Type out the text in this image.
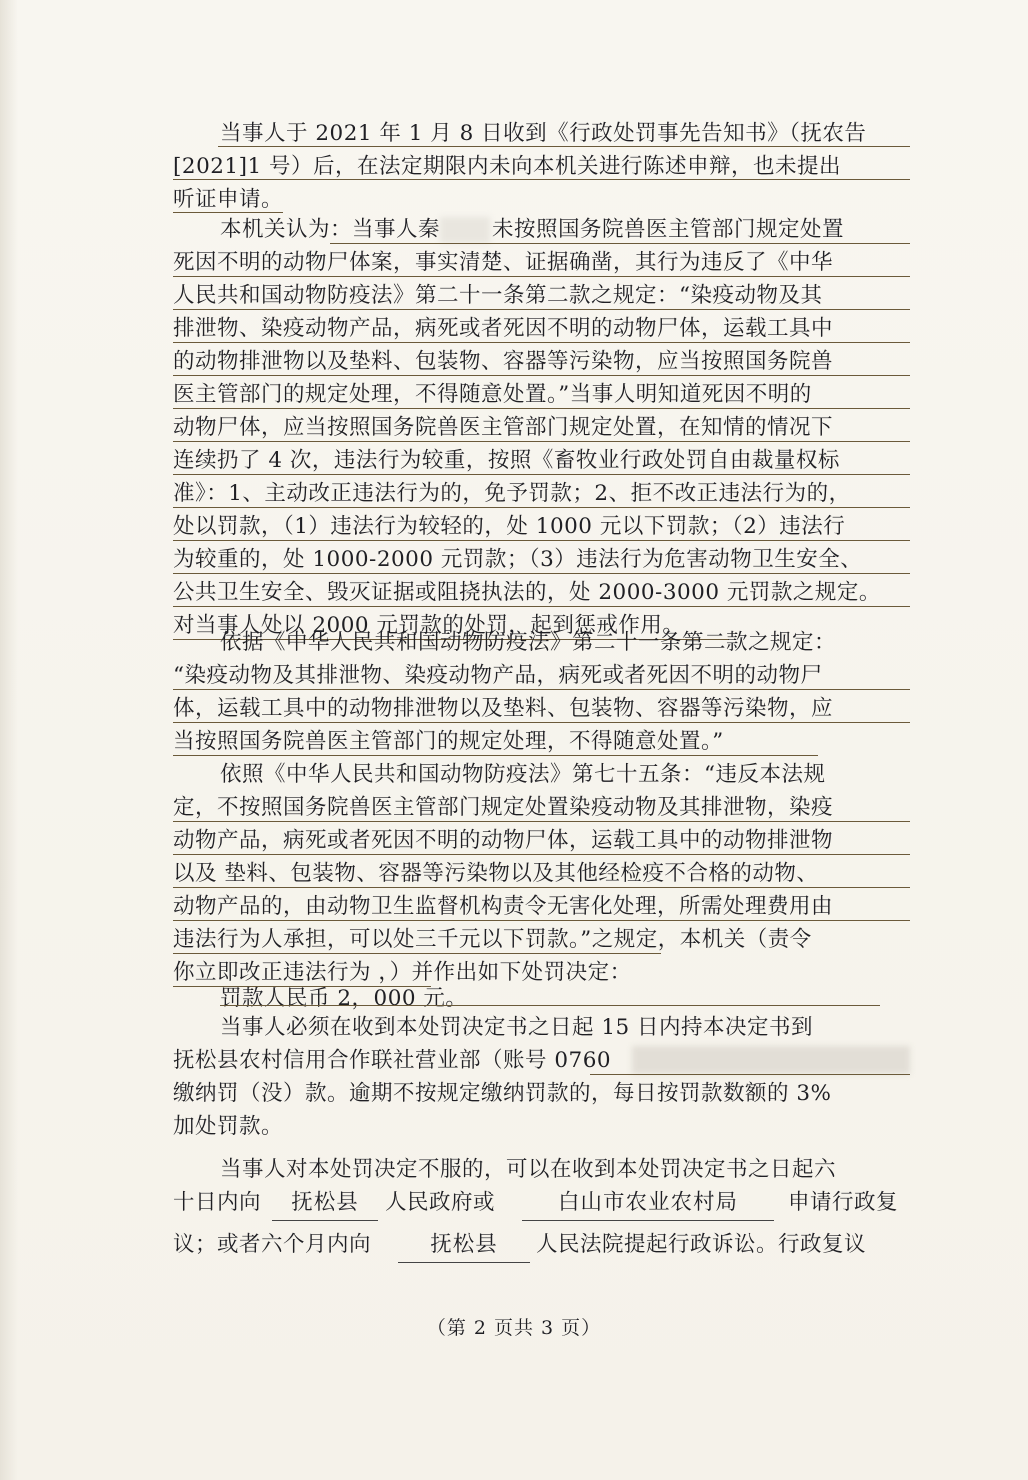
当事人于 2021 年 1 月 8 日收到《行政处罚事先告知书》（抚农告
[2021]1 号）后，在法定期限内未向本机关进行陈述申辩，也未提出
听证申请。
本机关认为：当事人秦 未按照国务院兽医主管部门规定处置
死因不明的动物尸体案，事实清楚、证据确凿，其行为违反了《中华
人民共和国动物防疫法》第二十一条第二款之规定：“染疫动物及其
排泄物、染疫动物产品，病死或者死因不明的动物尸体，运载工具中
的动物排泄物以及垫料、包装物、容器等污染物，应当按照国务院兽
医主管部门的规定处理，不得随意处置。”当事人明知道死因不明的
动物尸体，应当按照国务院兽医主管部门规定处置，在知情的情况下
连续扔了 4 次，违法行为较重，按照《畜牧业行政处罚自由裁量权标
准》：1、主动改正违法行为的，免予罚款；2、拒不改正违法行为的，
处以罚款，（1）违法行为较轻的，处 1000 元以下罚款；（2）违法行
为较重的，处 1000-2000 元罚款；（3）违法行为危害动物卫生安全、
公共卫生安全、毁灭证据或阻挠执法的，处 2000-3000 元罚款之规定。
对当事人处以 2000 元罚款的处罚，起到惩戒作用。
依据《中华人民共和国动物防疫法》第二十一条第二款之规定：
“染疫动物及其排泄物、染疫动物产品，病死或者死因不明的动物尸
体，运载工具中的动物排泄物以及垫料、包装物、容器等污染物，应
当按照国务院兽医主管部门的规定处理，不得随意处置。”
依照《中华人民共和国动物防疫法》第七十五条：“违反本法规
定，不按照国务院兽医主管部门规定处置染疫动物及其排泄物，染疫
动物产品，病死或者死因不明的动物尸体，运载工具中的动物排泄物
以及 垫料、包装物、容器等污染物以及其他经检疫不合格的动物、
动物产品的，由动物卫生监督机构责令无害化处理，所需处理费用由
违法行为人承担，可以处三千元以下罚款。”之规定，本机关（责令
你立即改正违法行为 ，）并作出如下处罚决定：
罚款人民币 2，000 元。
当事人必须在收到本处罚决定书之日起 15 日内持本决定书到
抚松县农村信用合作联社营业部（账号 0760
缴纳罚（没）款。逾期不按规定缴纳罚款的，每日按罚款数额的 3%
加处罚款。
当事人对本处罚决定不服的，可以在收到本处罚决定书之日起六
十日内向	抚松县	人民政府或	白山市农业农村局	申请行政复
议；或者六个月内向	抚松县	人民法院提起行政诉讼。行政复议
（第 2 页共 3 页）
